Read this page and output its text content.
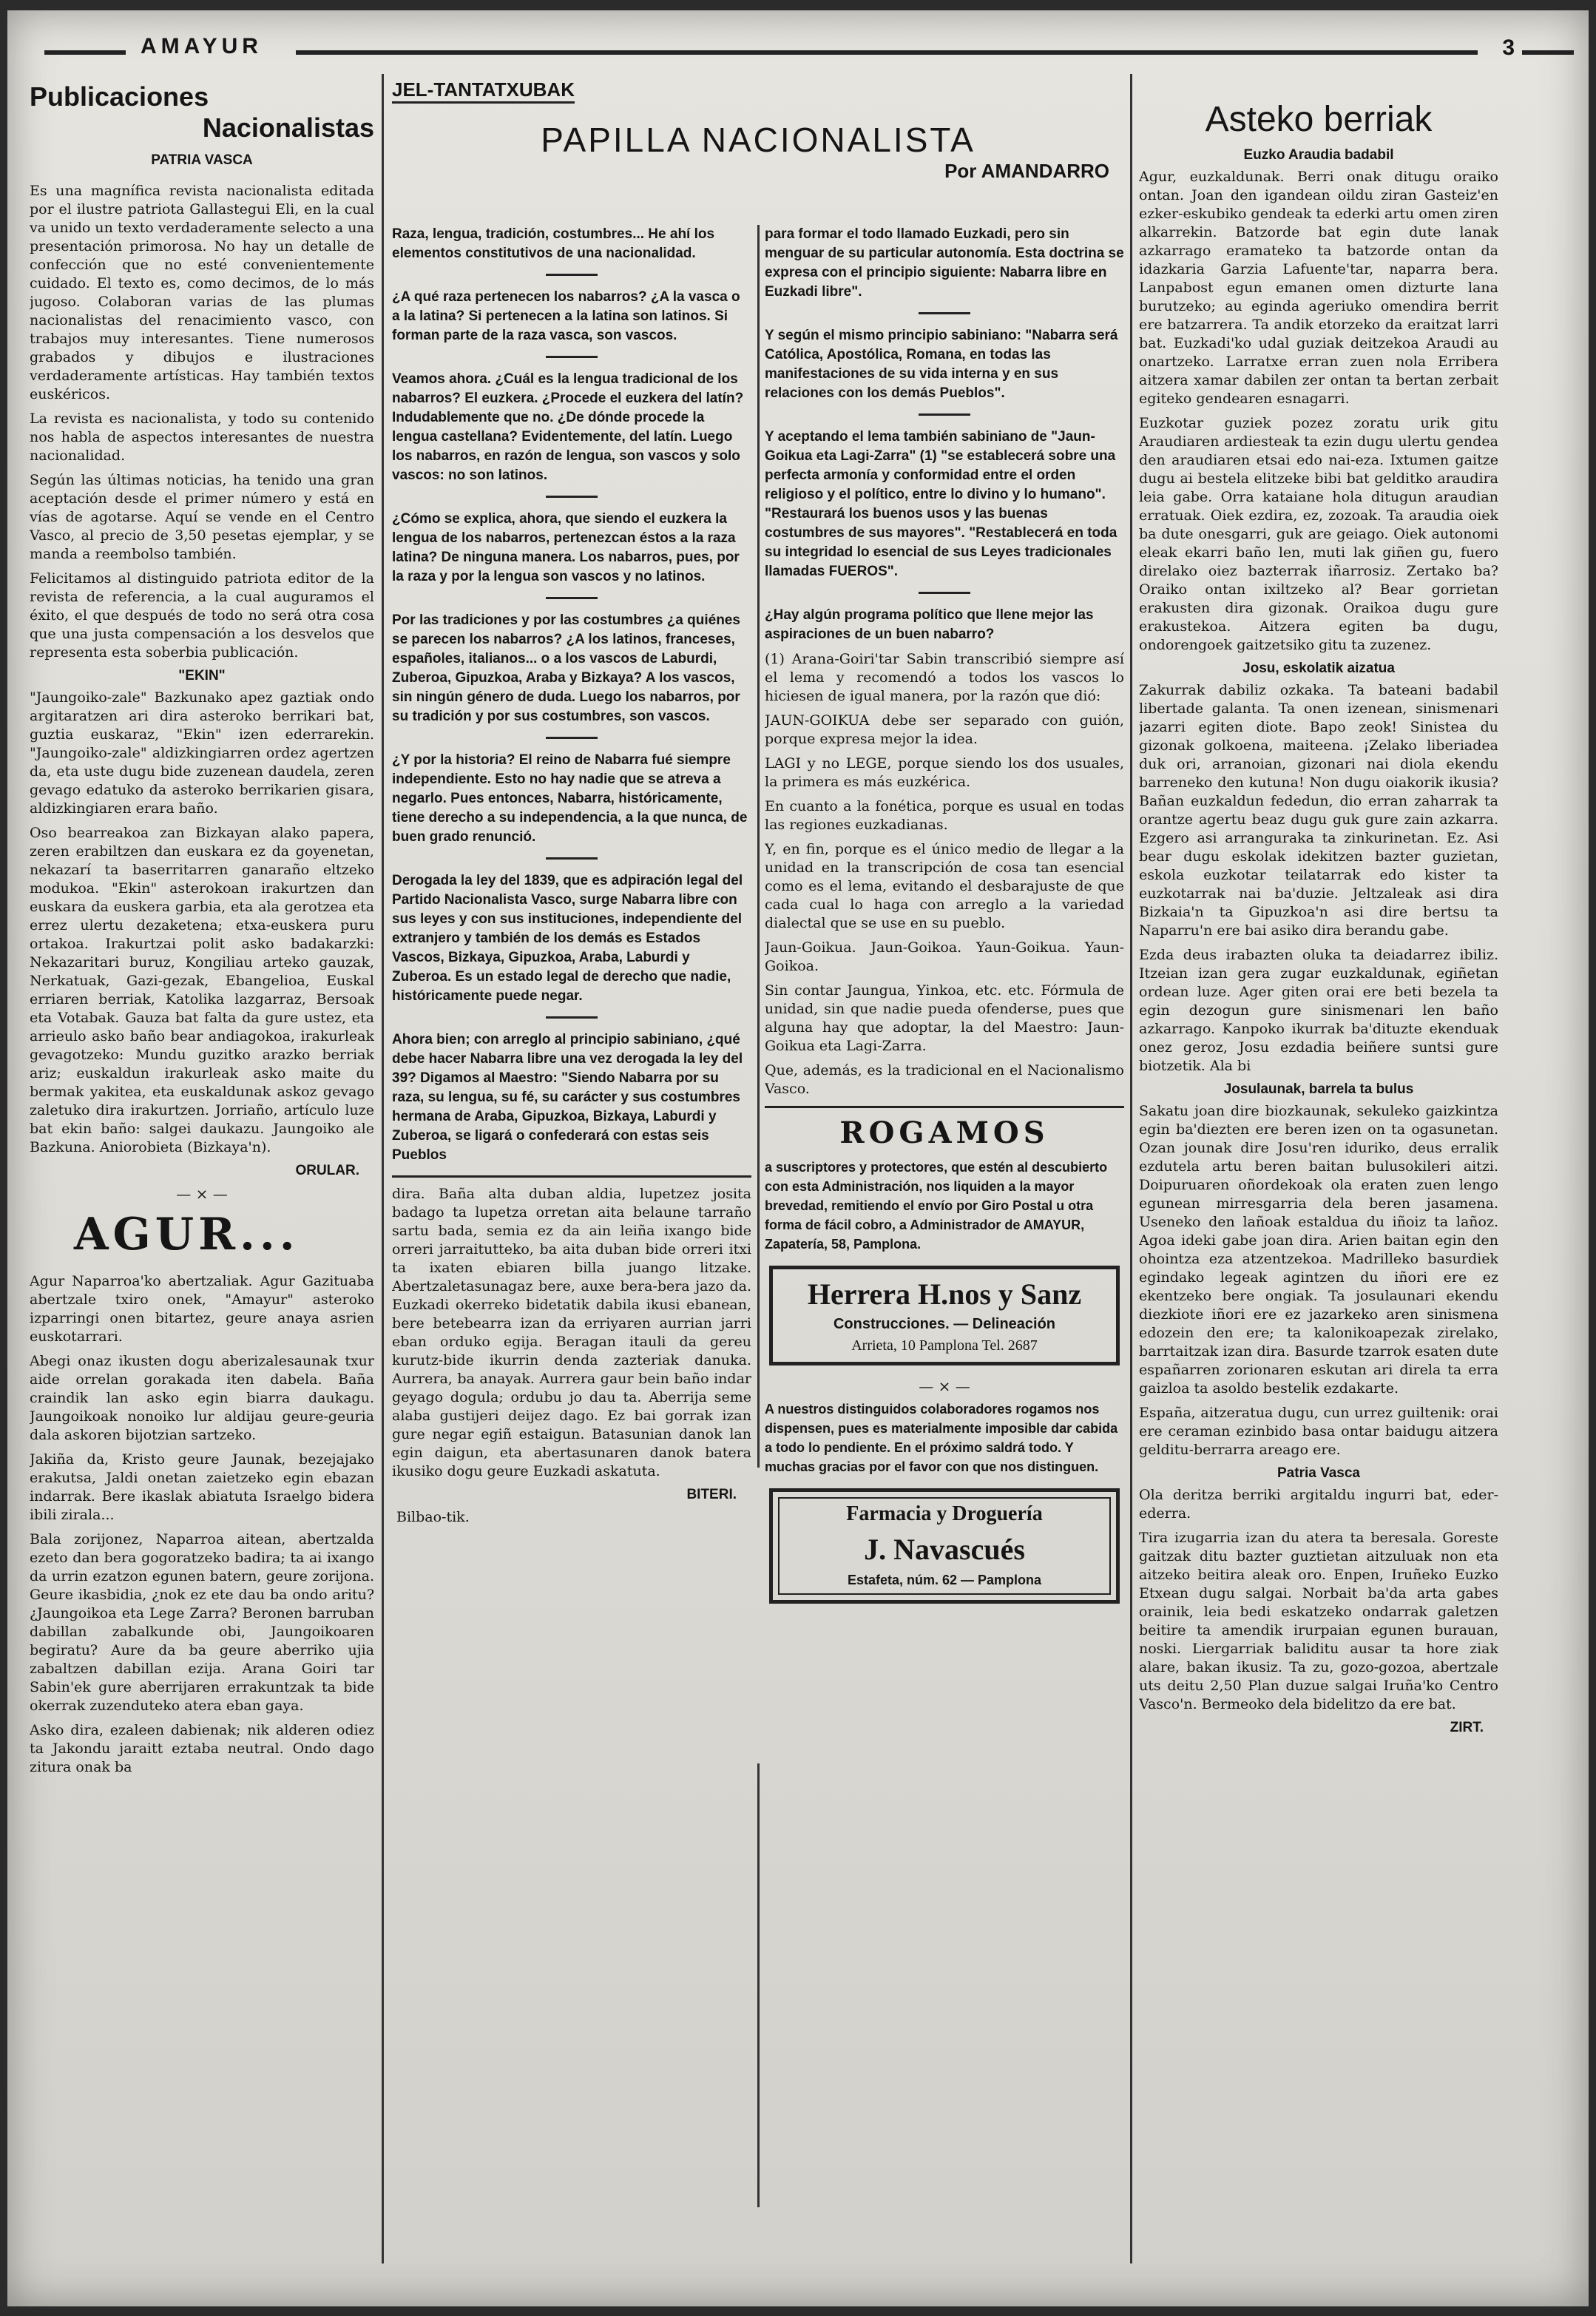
AMAYUR	3
Publicaciones
Nacionalistas
PATRIA VASCA

Es una magnífica revista nacionalista editada por el ilustre patriota Gallastegui Eli, en la cual va unido un texto verdaderamente selecto a una presentación primorosa. No hay un detalle de confección que no esté convenientemente cuidado. El texto es, como decimos, de lo más jugoso. Colaboran varias de las plumas nacionalistas del renacimiento vasco, con trabajos muy interesantes. Tiene numerosos grabados y dibujos e ilustraciones verdaderamente artísticas. Hay también textos euskéricos.

La revista es nacionalista, y todo su contenido nos habla de aspectos interesantes de nuestra nacionalidad.

Según las últimas noticias, ha tenido una gran aceptación desde el primer número y está en vías de agotarse. Aquí se vende en el Centro Vasco, al precio de 3,50 pesetas ejemplar, y se manda a reembolso también.

Felicitamos al distinguido patriota editor de la revista de referencia, a la cual auguramos el éxito, el que después de todo no será otra cosa que una justa compensación a los desvelos que representa esta soberbia publicación.

"EKIN"

"Jaungoiko-zale" Bazkunako apez gaztiak ondo argitaratzen ari dira asteroko berrikari bat, guztia euskaraz, "Ekin" izen ederrarekin. "Jaungoiko-zale" aldizkingiarren ordez agertzen da, eta uste dugu bide zuzenean daudela, zeren gevago edatuko da asteroko berrikarien gisara, aldizkingiaren erara baño.

Oso bearreakoa zan Bizkayan alako papera, zeren erabiltzen dan euskara ez da goyenetan, nekazarí ta baserritarren ganaraño eltzeko modukoa. "Ekin" asterokoan irakurtzen dan euskara da euskera garbia, eta ala gerotzea eta errez ulertu dezaketena; etxa-euskera puru ortakoa. Irakurtzai polit asko badakarzki: Nekazaritari buruz, Kongiliau arteko gauzak, Nerkatuak, Gazi-gezak, Ebangelioa, Euskal erriaren berriak, Katolika lazgarraz, Bersoak eta Votabak. Gauza bat falta da gure ustez, eta arrieulo asko baño bear andiagokoa, irakurleak gevagotzeko: Mundu guzitko arazko berriak ariz; euskaldun irakurleak asko maite du bermak yakitea, eta euskaldunak askoz gevago zaletuko dira irakurtzen. Jorriaño, artículo luze bat ekin baño: salgei daukazu. Jaungoiko ale Bazkuna. Aniorobieta (Bizkaya'n).

ORULAR.
— × —
AGUR...

Agur Naparroa'ko abertzaliak. Agur Gazituaba abertzale txiro onek, "Amayur" asteroko izparringi onen bitartez, geure anaya asrien euskotarrari.

Abegi onaz ikusten dogu aberizalesaunak txur aide orrelan gorakada iten dabela. Baña craindik lan asko egin biarra daukagu. Jaungoikoak nonoiko lur aldijau geure-geuria dala askoren bijotzian sartzeko.

Jakiña da, Kristo geure Jaunak, bezejajako erakutsa, Jaldi onetan zaietzeko egin ebazan indarrak. Bere ikaslak abiatuta Israelgo bidera ibili zirala...

Bala zorijonez, Naparroa aitean, abertzalda ezeto dan bera gogoratzeko badira; ta ai ixango da urrin ezatzon egunen batern, geure zorijona. Geure ikasbidia, ¿nok ez ete dau ba ondo aritu? ¿Jaungoikoa eta Lege Zarra? Beronen barruban dabillan zabalkunde obi, Jaungoikoaren begiratu? Aure da ba geure aberriko ujia zabaltzen dabillan ezija. Arana Goiri tar Sabin'ek gure aberrijaren errakuntzak ta bide okerrak zuzenduteko atera eban gaya.

Asko dira, ezaleen dabienak; nik alderen odiez ta Jakondu jaraitt eztaba neutral. Ondo dago zitura onak ba

JEL-TANTATXUBAK
PAPILLA NACIONALISTA
Por AMANDARRO

Raza, lengua, tradición, costumbres... He ahí los elementos constitutivos de una nacionalidad.

¿A qué raza pertenecen los nabarros? ¿A la vasca o a la latina? Si pertenecen a la latina son latinos. Si forman parte de la raza vasca, son vascos.

Veamos ahora. ¿Cuál es la lengua tradicional de los nabarros? El euzkera. ¿Procede el euzkera del latín? Indudablemente que no. ¿De dónde procede la lengua castellana? Evidentemente, del latín. Luego los nabarros, en razón de lengua, son vascos y solo vascos: no son latinos.

¿Cómo se explica, ahora, que siendo el euzkera la lengua de los nabarros, pertenezcan éstos a la raza latina? De ninguna manera. Los nabarros, pues, por la raza y por la lengua son vascos y no latinos.

Por las tradiciones y por las costumbres ¿a quiénes se parecen los nabarros? ¿A los latinos, franceses, españoles, italianos... o a los vascos de Laburdi, Zuberoa, Gipuzkoa, Araba y Bizkaya? A los vascos, sin ningún género de duda. Luego los nabarros, por su tradición y por sus costumbres, son vascos.

¿Y por la historia? El reino de Nabarra fué siempre independiente. Esto no hay nadie que se atreva a negarlo. Pues entonces, Nabarra, históricamente, tiene derecho a su independencia, a la que nunca, de buen grado renunció.

Derogada la ley del 1839, que es adpiración legal del Partido Nacionalista Vasco, surge Nabarra libre con sus leyes y con sus instituciones, independiente del extranjero y también de los demás es Estados Vascos, Bizkaya, Gipuzkoa, Araba, Laburdi y Zuberoa. Es un estado legal de derecho que nadie, históricamente puede negar.

Ahora bien; con arreglo al principio sabiniano, ¿qué debe hacer Nabarra libre una vez derogada la ley del 39? Digamos al Maestro: "Siendo Nabarra por su raza, su lengua, su fé, su carácter y sus costumbres hermana de Araba, Gipuzkoa, Bizkaya, Laburdi y Zuberoa, se ligará o confederará con estas seis Pueblos

dira. Baña alta duban aldia, lupetzez josita badago ta lupetza orretan aita belaune tarraño sartu bada, semia ez da ain leiña ixango bide orreri jarraitutteko, ba aita duban bide orreri itxi ta ixaten ebiaren billa juango litzake. Abertzaletasunagaz bere, auxe bera-bera jazo da. Euzkadi okerreko bidetatik dabila ikusi ebanean, bere betebearra izan da erriyaren aurrian jarri eban orduko egija. Beragan itauli da gereu kurutz-bide ikurrin denda zazteriak danuka. Aurrera, ba anayak. Aurrera gaur bein baño indar geyago dogula; ordubu jo dau ta. Aberrija seme alaba gustijeri deijez dago. Ez bai gorrak izan gure negar egiñ estaigun. Batasunian danok lan egin daigun, eta abertasunaren danok batera ikusiko dogu geure Euzkadi askatuta.

BITERI.
Bilbao-tik.

para formar el todo llamado Euzkadi, pero sin menguar de su particular autonomía. Esta doctrina se expresa con el principio siguiente: Nabarra libre en Euzkadi libre".

Y según el mismo principio sabiniano: "Nabarra será Católica, Apostólica, Romana, en todas las manifestaciones de su vida interna y en sus relaciones con los demás Pueblos".

Y aceptando el lema también sabiniano de "Jaun-Goikua eta Lagi-Zarra" (1) "se establecerá sobre una perfecta armonía y conformidad entre el orden religioso y el político, entre lo divino y lo humano". "Restaurará los buenos usos y las buenas costumbres de sus mayores". "Restablecerá en toda su integridad lo esencial de sus Leyes tradicionales llamadas FUEROS".

¿Hay algún programa político que llene mejor las aspiraciones de un buen nabarro?

(1) Arana-Goiri'tar Sabin transcribió siempre así el lema y recomendó a todos los vascos lo hiciesen de igual manera, por la razón que dió:

JAUN-GOIKUA debe ser separado con guión, porque expresa mejor la idea.

LAGI y no LEGE, porque siendo los dos usuales, la primera es más euzkérica.

En cuanto a la fonética, porque es usual en todas las regiones euzkadianas.

Y, en fin, porque es el único medio de llegar a la unidad en la transcripción de cosa tan esencial como es el lema, evitando el desbarajuste de que cada cual lo haga con arreglo a la variedad dialectal que se use en su pueblo.

Jaun-Goikua. Jaun-Goikoa. Yaun-Goikua. Yaun-Goikoa.

Sin contar Jaungua, Yinkoa, etc. etc. Fórmula de unidad, sin que nadie pueda ofenderse, pues que alguna hay que adoptar, la del Maestro: Jaun-Goikua eta Lagi-Zarra.

Que, además, es la tradicional en el Nacionalismo Vasco.

ROGAMOS

a suscriptores y protectores, que estén al descubierto con esta Administración, nos liquiden a la mayor brevedad, remitiendo el envío por Giro Postal u otra forma de fácil cobro, a Administrador de AMAYUR, Zapatería, 58, Pamplona.

Herrera H.nos y Sanz
Construcciones. — Delineación
Arrieta, 10 Pamplona Tel. 2687
— × —

A nuestros distinguidos colaboradores rogamos nos dispensen, pues es materialmente imposible dar cabida a todo lo pendiente. En el próximo saldrá todo. Y muchas gracias por el favor con que nos distinguen.

Farmacia y Droguería
J. Navascués
Estafeta, núm. 62 — Pamplona
Asteko berriak
Euzko Araudia badabil

Agur, euzkaldunak. Berri onak ditugu oraiko ontan. Joan den igandean oildu ziran Gasteiz'en ezker-eskubiko gendeak ta ederki artu omen ziren alkarrekin. Batzorde bat egin dute lanak azkarrago eramateko ta batzorde ontan da idazkaria Garzia Lafuente'tar, naparra bera. Lanpabost egun emanen omen dizturte lana burutzeko; au eginda ageriuko omendira berrit ere batzarrera. Ta andik etorzeko da eraitzat larri bat. Euzkadi'ko udal guziak deitzekoa Araudi au onartzeko. Larratxe erran zuen nola Erribera aitzera xamar dabilen zer ontan ta bertan zerbait egiteko gendearen esnagarri.

Euzkotar guziek pozez zoratu urik gitu Araudiaren ardiesteak ta ezin dugu ulertu gendea den araudiaren etsai edo nai-eza. Ixtumen gaitze dugu ai bestela elitzeke bibi bat gelditko araudira leia gabe. Orra kataiane hola ditugun araudian erratuak. Oiek ezdira, ez, zozoak. Ta araudia oiek ba dute onesgarri, guk are geiago. Oiek autonomi eleak ekarri baño len, muti lak giñen gu, fuero direlako oiez bazterrak iñarrosiz. Zertako ba? Oraiko ontan ixiltzeko al? Bear gorrietan erakusten dira gizonak. Oraikoa dugu gure erakustekoa. Aitzera egiten ba dugu, ondorengoek gaitzetsiko gitu ta zuzenez.

Josu, eskolatik aizatua

Zakurrak dabiliz ozkaka. Ta bateani badabil libertade galanta. Ta onen izenean, sinismenari jazarri egiten diote. Bapo zeok! Sinistea du gizonak golkoena, maiteena. ¡Zelako liberiadea duk ori, arranoian, gizonari nai diola ekendu barreneko den kutuna! Non dugu oiakorik ikusia? Bañan euzkaldun fededun, dio erran zaharrak ta orantze agertu beaz dugu guk gure zain azkarra. Ezgero asi arranguraka ta zinkurinetan. Ez. Asi bear dugu eskolak idekitzen bazter guzietan, eskola euzkotar teilatarrak edo kister ta euzkotarrak nai ba'duzie. Jeltzaleak asi dira Bizkaia'n ta Gipuzkoa'n asi dire bertsu ta Naparru'n ere bai asiko dira berandu gabe.

Ezda deus irabazten oluka ta deiadarrez ibiliz. Itzeian izan gera zugar euzkaldunak, egiñetan ordean luze. Ager giten orai ere beti bezela ta egin dezogun gure sinismenari len baño azkarrago. Kanpoko ikurrak ba'dituzte ekenduak onez geroz, Josu ezdadia beiñere suntsi gure biotzetik. Ala bi

Josulaunak, barrela ta bulus

Sakatu joan dire biozkaunak, sekuleko gaizkintza egin ba'diezten ere beren izen on ta ogasunetan. Ozan jounak dire Josu'ren iduriko, deus erralik ezdutela artu beren baitan bulusokileri aitzi. Doipuruaren oñordekoak ola eraten zuen lengo egunean mirresgarria dela beren jasamena. Useneko den lañoak estaldua du iñoiz ta lañoz. Agoa ideki gabe joan dira. Arien baitan egin den ohointza eza atzentzekoa. Madrilleko basurdiek egindako legeak agintzen du iñori ere ez ekentzeko bere ongiak. Ta josulaunari ekendu diezkiote iñori ere ez jazarkeko aren sinismena edozein den ere; ta kalonikoapezak zirelako, barrtaitzak izan dira. Basurde tzarrok esaten dute españarren zorionaren eskutan ari direla ta erra gaizloa ta asoldo bestelik ezdakarte.

España, aitzeratua dugu, cun urrez guiltenik: orai ere ceraman ezinbido basa ontar baidugu aitzera gelditu-berrarra areago ere.

Patria Vasca

Ola deritza berriki argitaldu ingurri bat, eder-ederra.

Tira izugarria izan du atera ta beresala. Goreste gaitzak ditu bazter guztietan aitzuluak non eta aitzeko beitira aleak oro. Enpen, Iruñeko Euzko Etxean dugu salgai. Norbait ba'da arta gabes orainik, leia bedi eskatzeko ondarrak galetzen beitire ta amendik irurpaian egunen burauan, noski. Liergarriak baliditu ausar ta hore ziak alare, bakan ikusiz. Ta zu, gozo-gozoa, abertzale uts deitu 2,50 Plan duzue salgai Iruña'ko Centro Vasco'n. Bermeoko dela bidelitzo da ere bat.

ZIRT.
